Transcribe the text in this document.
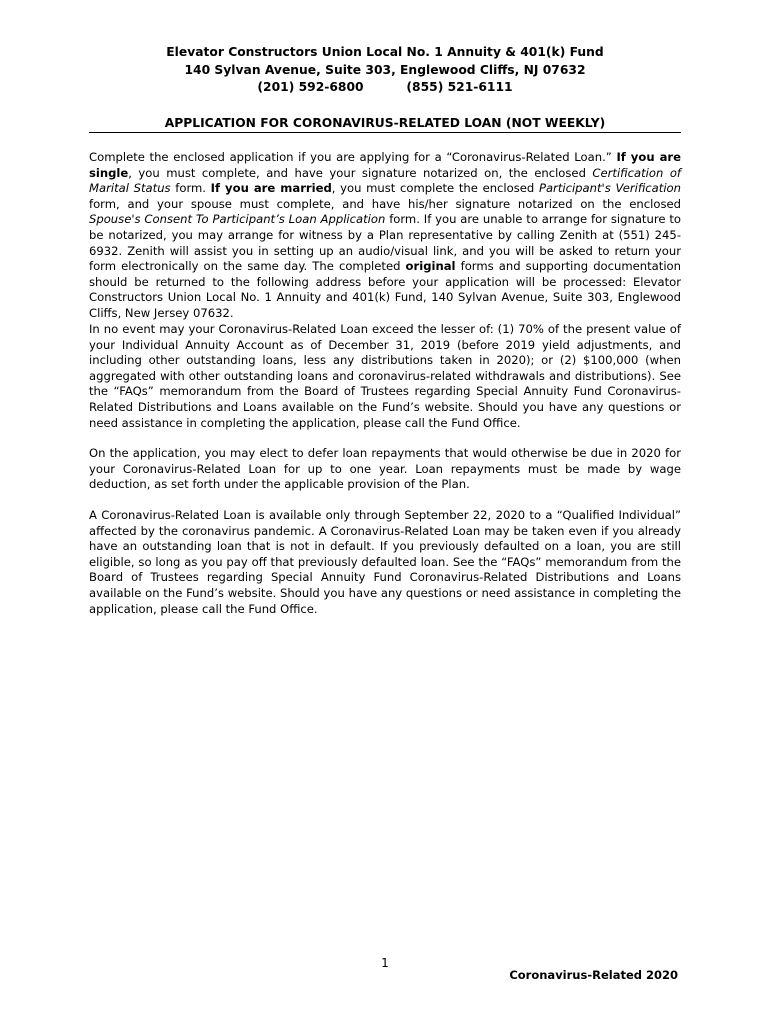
Elevator Constructors Union Local No. 1 Annuity & 401(k) Fund
140 Sylvan Avenue, Suite 303, Englewood Cliffs, NJ 07632
(201) 592-6800          (855) 521-6111
APPLICATION FOR CORONAVIRUS-RELATED LOAN (NOT WEEKLY)

Complete the enclosed application if you are applying for a “Coronavirus-Related Loan.” If you are single, you must complete, and have your signature notarized on, the enclosed Certification of Marital Status form. If you are married, you must complete the enclosed Participant's Verification form, and your spouse must complete, and have his/her signature notarized on the enclosed Spouse's Consent To Participant’s Loan Application form. If you are unable to arrange for signature to be notarized, you may arrange for witness by a Plan representative by calling Zenith at (551) 245-6932. Zenith will assist you in setting up an audio/visual link, and you will be asked to return your form electronically on the same day. The completed original forms and supporting documentation should be returned to the following address before your application will be processed: Elevator Constructors Union Local No. 1 Annuity and 401(k) Fund, 140 Sylvan Avenue, Suite 303, Englewood Cliffs, New Jersey 07632.

In no event may your Coronavirus-Related Loan exceed the lesser of: (1) 70% of the present value of your Individual Annuity Account as of December 31, 2019 (before 2019 yield adjustments, and including other outstanding loans, less any distributions taken in 2020); or (2) $100,000 (when aggregated with other outstanding loans and coronavirus-related withdrawals and distributions). See the “FAQs” memorandum from the Board of Trustees regarding Special Annuity Fund Coronavirus-Related Distributions and Loans available on the Fund’s website. Should you have any questions or need assistance in completing the application, please call the Fund Office.

On the application, you may elect to defer loan repayments that would otherwise be due in 2020 for your Coronavirus-Related Loan for up to one year. Loan repayments must be made by wage deduction, as set forth under the applicable provision of the Plan.

A Coronavirus-Related Loan is available only through September 22, 2020 to a “Qualified Individual” affected by the coronavirus pandemic. A Coronavirus-Related Loan may be taken even if you already have an outstanding loan that is not in default. If you previously defaulted on a loan, you are still eligible, so long as you pay off that previously defaulted loan. See the “FAQs” memorandum from the Board of Trustees regarding Special Annuity Fund Coronavirus-Related Distributions and Loans available on the Fund’s website. Should you have any questions or need assistance in completing the application, please call the Fund Office.

1
Coronavirus-Related 2020
